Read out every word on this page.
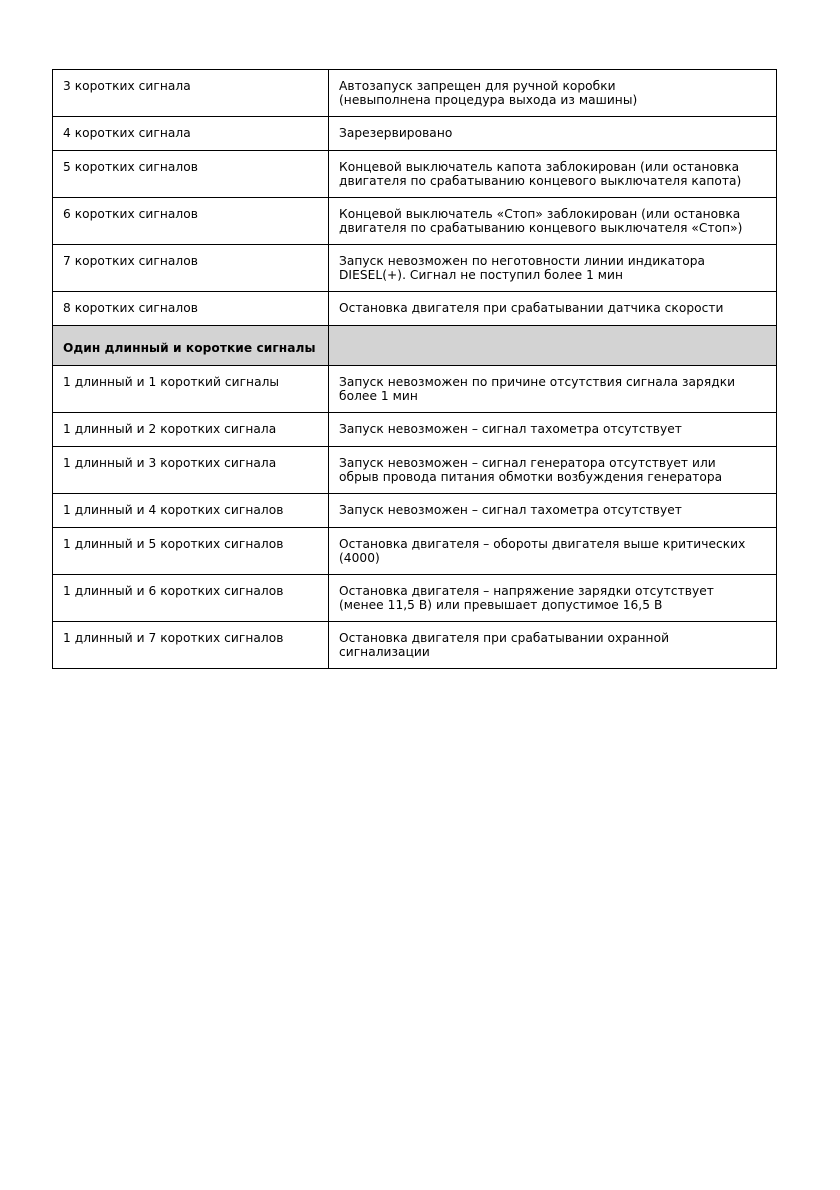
3 коротких сигнала	Автозапуск запрещен для ручной коробки
(невыполнена процедура выхода из машины)
4 коротких сигнала	Зарезервировано
5 коротких сигналов	Концевой выключатель капота заблокирован (или остановка
двигателя по срабатыванию концевого выключателя капота)
6 коротких сигналов	Концевой выключатель «Стоп» заблокирован (или остановка
двигателя по срабатыванию концевого выключателя «Стоп»)
7 коротких сигналов	Запуск невозможен по неготовности линии индикатора
DIESEL(+). Сигнал не поступил более 1 мин
8 коротких сигналов	Остановка двигателя при срабатывании датчика скорости
Один длинный и короткие сигналы	
1 длинный и 1 короткий сигналы	Запуск невозможен по причине отсутствия сигнала зарядки
более 1 мин
1 длинный и 2 коротких сигнала	Запуск невозможен – сигнал тахометра отсутствует
1 длинный и 3 коротких сигнала	Запуск невозможен – сигнал генератора отсутствует или
обрыв провода питания обмотки возбуждения генератора
1 длинный и 4 коротких сигналов	Запуск невозможен – сигнал тахометра отсутствует
1 длинный и 5 коротких сигналов	Остановка двигателя – обороты двигателя выше критических
(4000)
1 длинный и 6 коротких сигналов	Остановка двигателя – напряжение зарядки отсутствует
(менее 11,5 В) или превышает допустимое 16,5 В
1 длинный и 7 коротких сигналов	Остановка двигателя при срабатывании охранной
сигнализации
